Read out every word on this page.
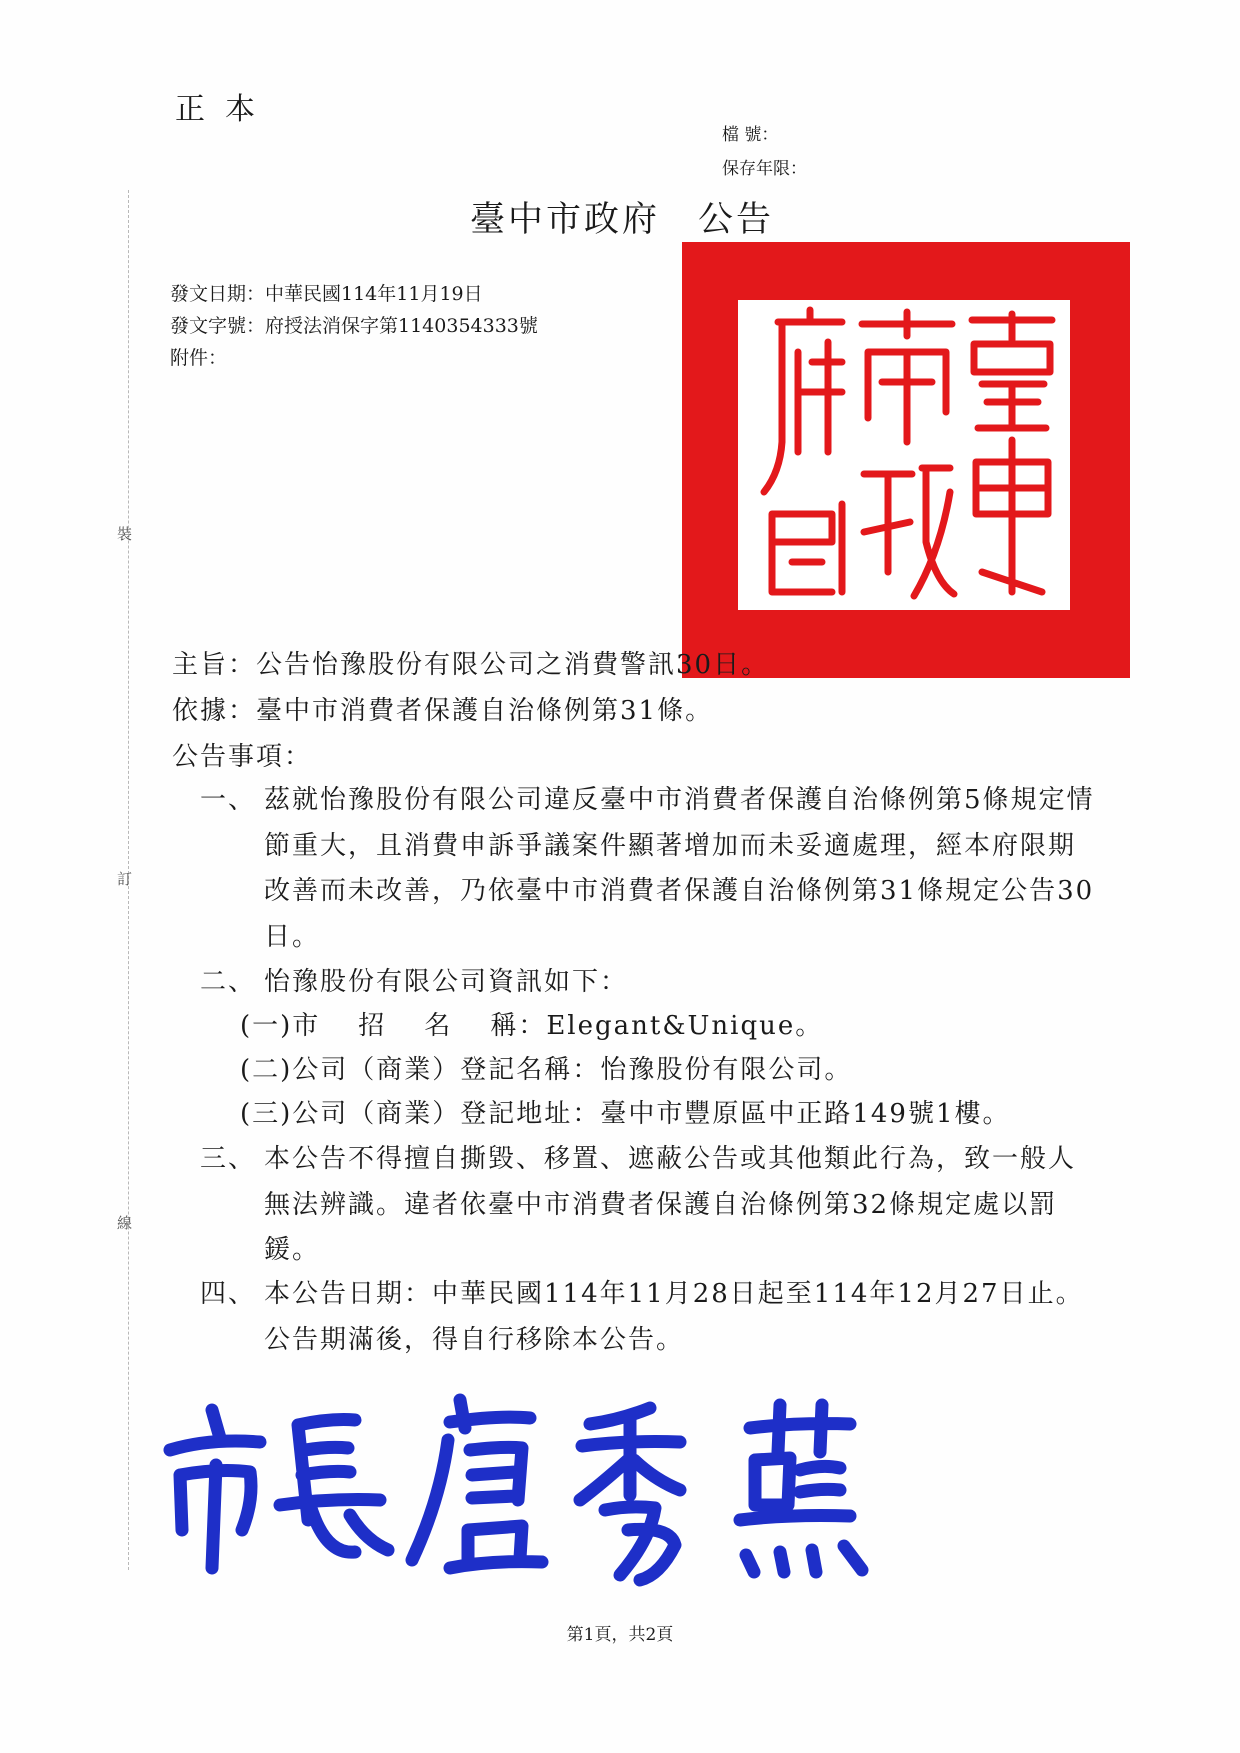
正本
檔 號：
保存年限：
臺中市政府 公告
發文日期：中華民國114年11月19日
發文字號：府授法消保字第1140354333號
附件：
裝
訂
線
主旨：公告怡豫股份有限公司之消費警訊30日。
依據：臺中市消費者保護自治條例第31條。
公告事項：
一、 茲就怡豫股份有限公司違反臺中市消費者保護自治條例第5條規定情節重大，且消費申訴爭議案件顯著增加而未妥適處理，經本府限期改善而未改善，乃依臺中市消費者保護自治條例第31條規定公告30日。
二、 怡豫股份有限公司資訊如下：
(一)市招名稱：Elegant&Unique。
(二)公司（商業）登記名稱：怡豫股份有限公司。
(三)公司（商業）登記地址：臺中市豐原區中正路149號1樓。
三、 本公告不得擅自撕毀、移置、遮蔽公告或其他類此行為，致一般人無法辨識。違者依臺中市消費者保護自治條例第32條規定處以罰鍰。
四、 本公告日期：中華民國114年11月28日起至114年12月27日止。公告期滿後，得自行移除本公告。
第1頁，共2頁
